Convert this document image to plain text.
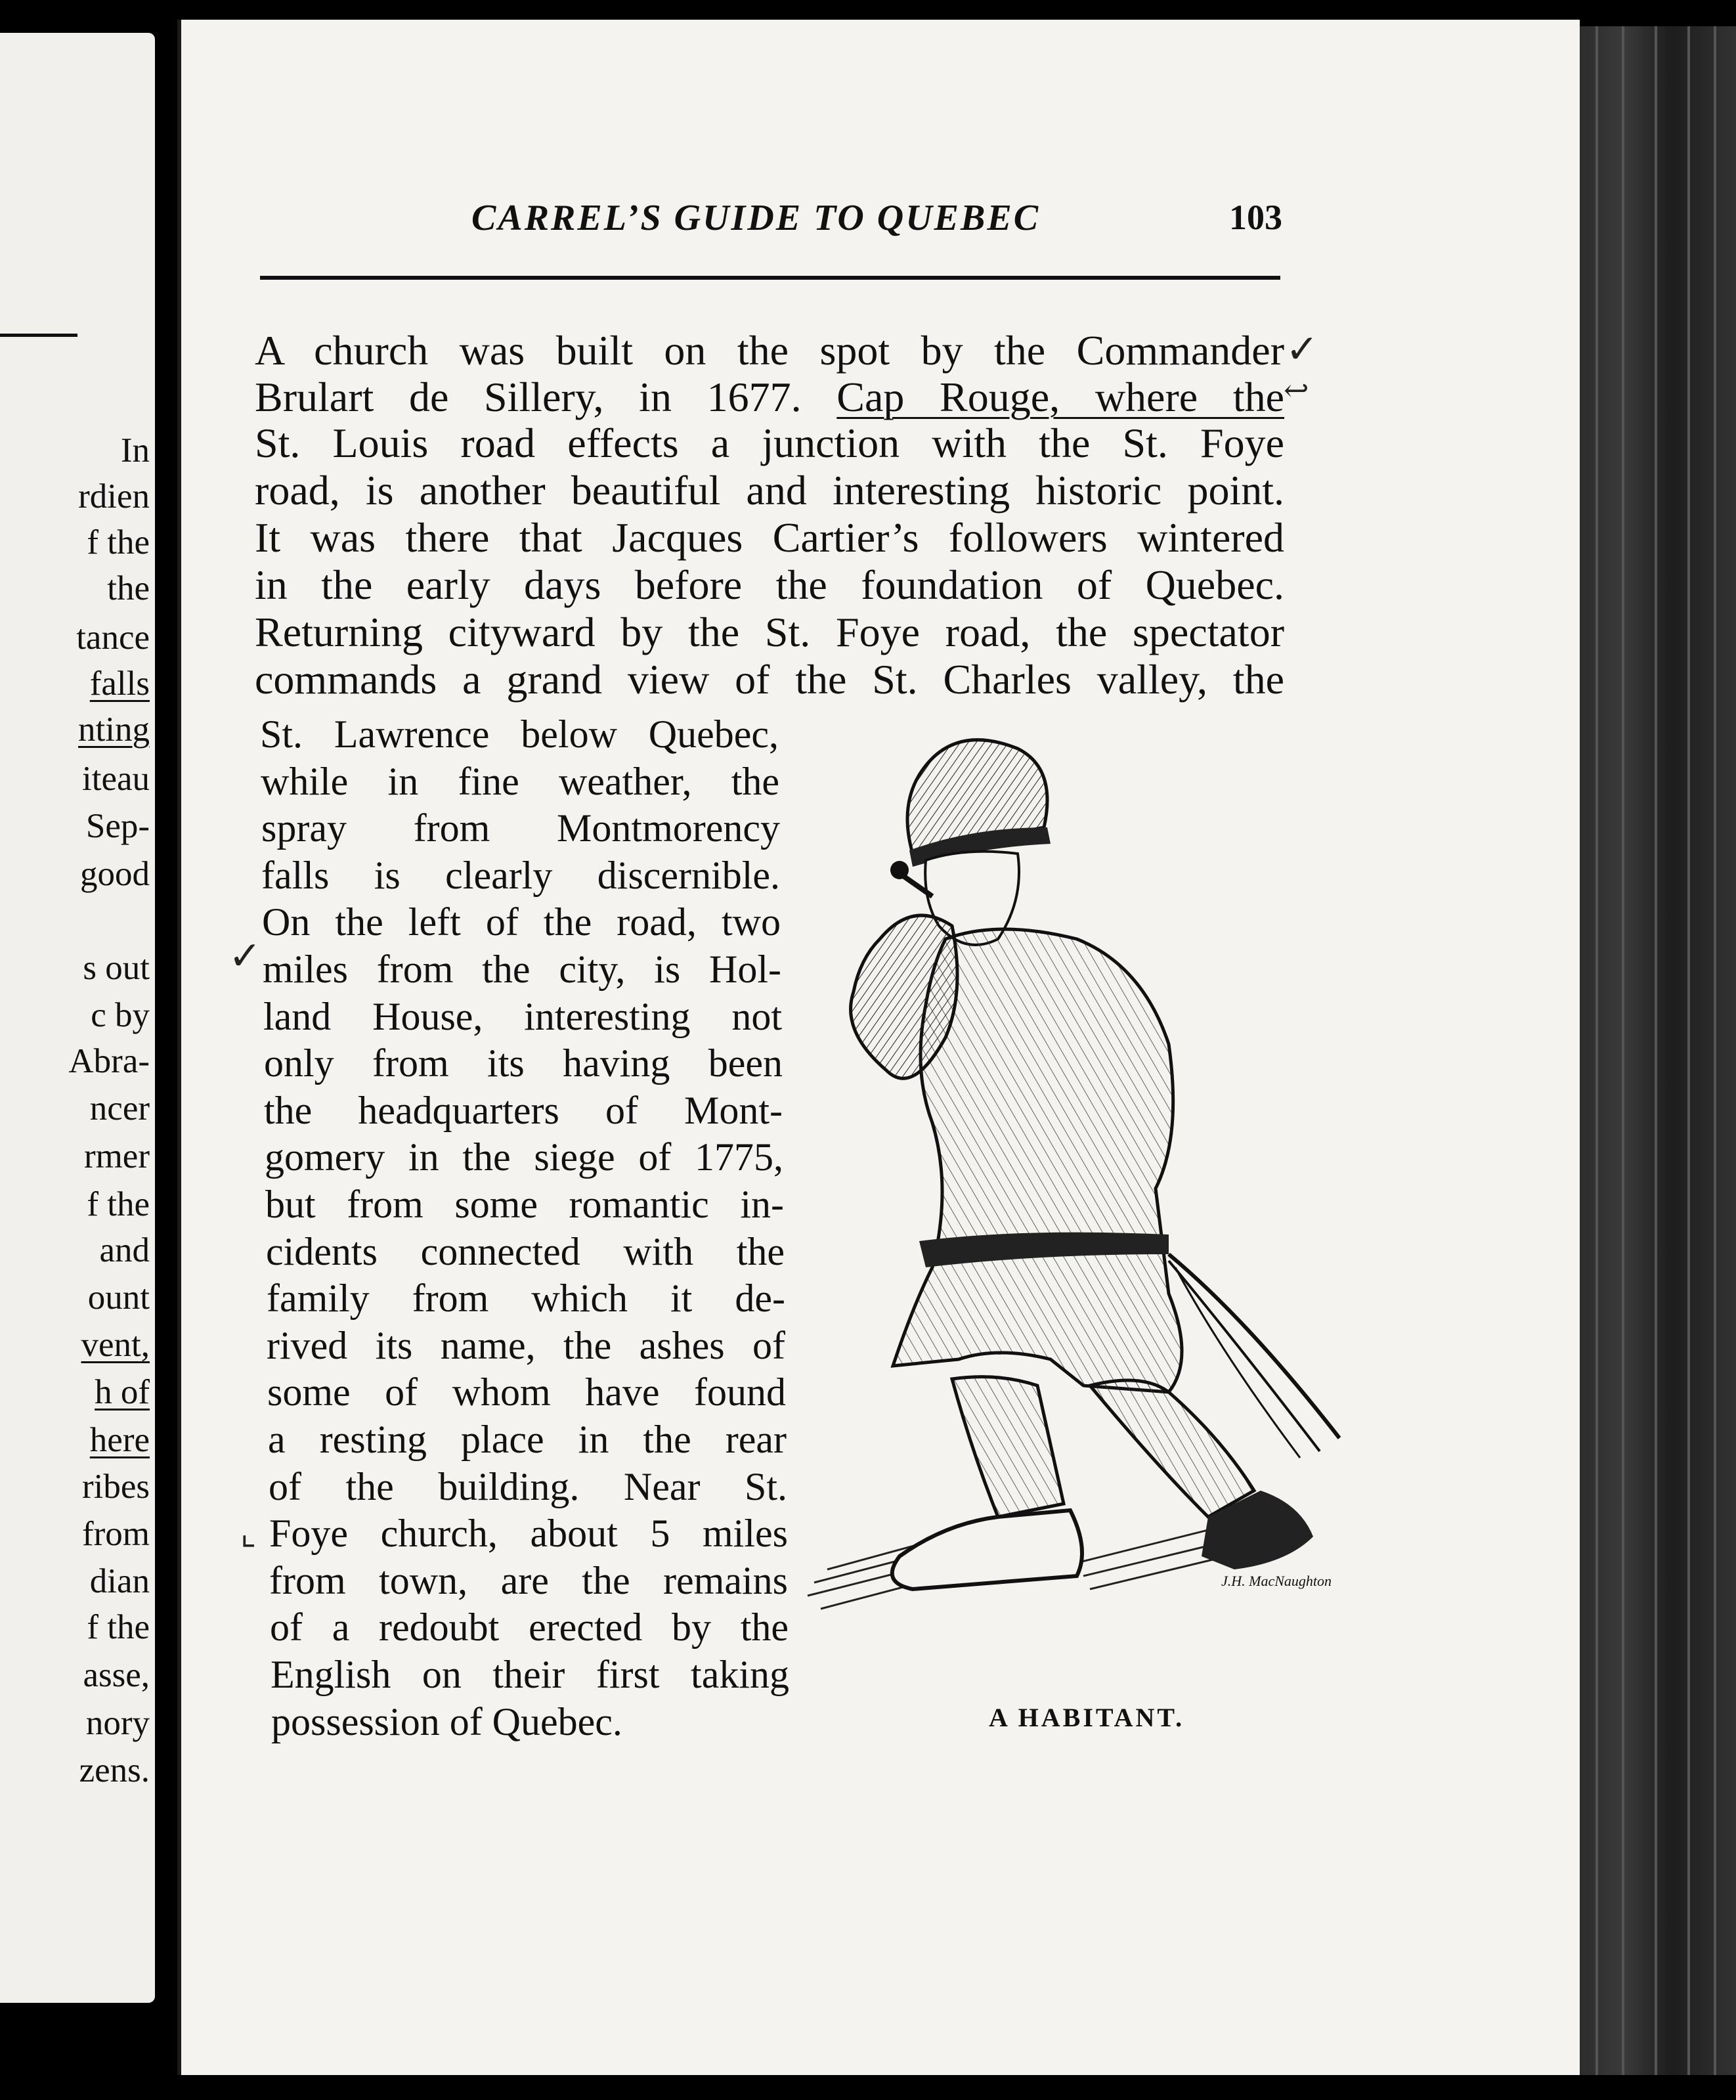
In
rdien
f the
the
tance
falls
nting
iteau
Sep-
good
s out
c by
Abra-
ncer
rmer
f the
and
ount
vent,
h of
here
ribes
from
dian
f the
asse,
nory
zens.
CARREL’S GUIDE TO QUEBEC	103
A church was built on the spot by the Commander
Brulart de Sillery, in 1677. Cap Rouge, where the
St. Louis road effects a junction with the St. Foye
road, is another beautiful and interesting historic point.
It was there that Jacques Cartier’s followers wintered
in the early days before the foundation of Quebec.
Returning cityward by the St. Foye road, the spectator
commands a grand view of the St. Charles valley, the
St. Lawrence below Quebec,
while in fine weather, the
spray from Montmorency
falls is clearly discernible.
On the left of the road, two
miles from the city, is Hol-
land House, interesting not
only from its having been
the headquarters of Mont-
gomery in the siege of 1775,
but from some romantic in-
cidents connected with the
family from which it de-
rived its name, the ashes of
some of whom have found
a resting place in the rear
of the building. Near St.
Foye church, about 5 miles
from town, are the remains
of a redoubt erected by the
English on their first taking
possession of Quebec.
✓
↩
✓
⌞
J.H. MacNaughton
A HABITANT.
